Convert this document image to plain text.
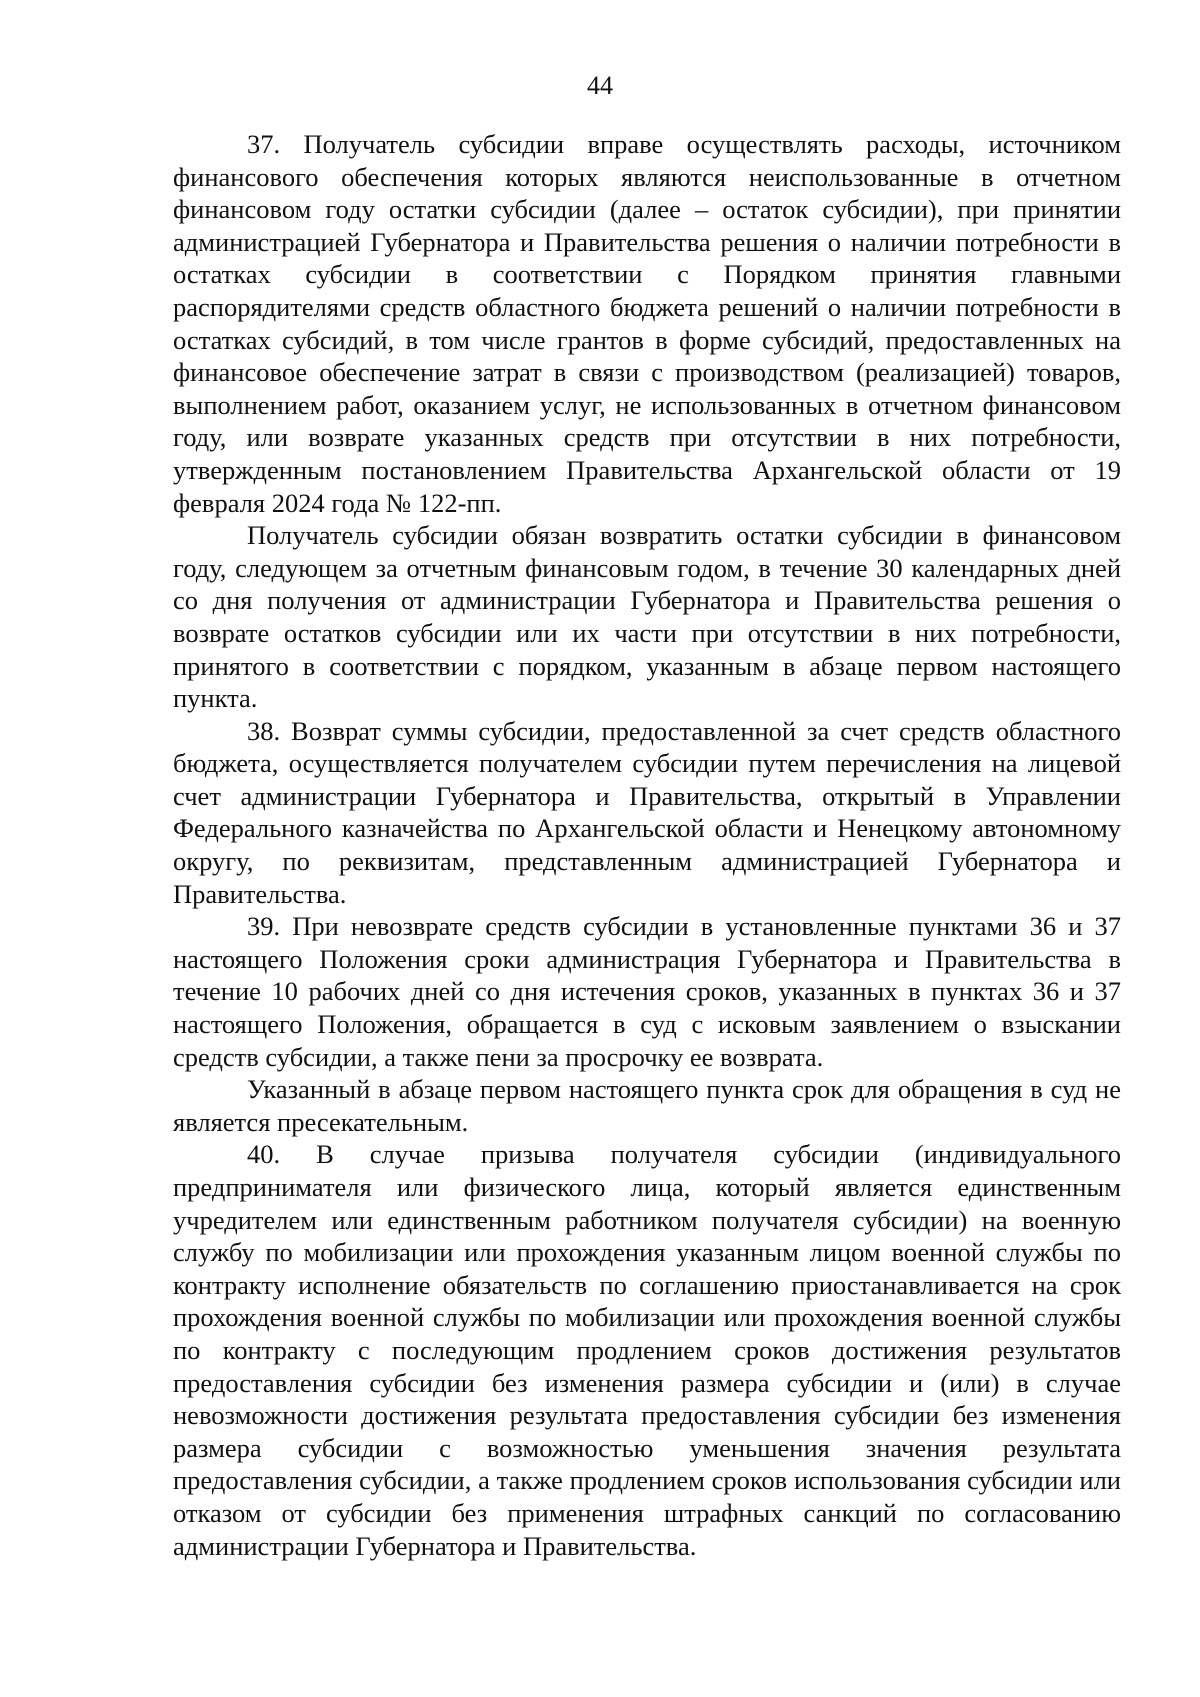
44

37. Получатель субсидии вправе осуществлять расходы, источником финансового обеспечения которых являются неиспользованные в отчетном финансовом году остатки субсидии (далее – остаток субсидии), при принятии администрацией Губернатора и Правительства решения о наличии потребности в остатках субсидии в соответствии с Порядком принятия главными распорядителями средств областного бюджета решений о наличии потребности в остатках субсидий, в том числе грантов в форме субсидий, предоставленных на финансовое обеспечение затрат в связи с производством (реализацией) товаров, выполнением работ, оказанием услуг, не использованных в отчетном финансовом году, или возврате указанных средств при отсутствии в них потребности, утвержденным постановлением Правительства Архангельской области от 19 февраля 2024 года № 122-пп.

Получатель субсидии обязан возвратить остатки субсидии в финансовом году, следующем за отчетным финансовым годом, в течение 30 календарных дней со дня получения от администрации Губернатора и Правительства решения о возврате остатков субсидии или их части при отсутствии в них потребности, принятого в соответствии с порядком, указанным в абзаце первом настоящего пункта.

38. Возврат суммы субсидии, предоставленной за счет средств областного бюджета, осуществляется получателем субсидии путем перечисления на лицевой счет администрации Губернатора и Правительства, открытый в Управлении Федерального казначейства по Архангельской области и Ненецкому автономному округу, по реквизитам, представленным администрацией Губернатора и Правительства.

39. При невозврате средств субсидии в установленные пунктами 36 и 37 настоящего Положения сроки администрация Губернатора и Правительства в течение 10 рабочих дней со дня истечения сроков, указанных в пунктах 36 и 37 настоящего Положения, обращается в суд с исковым заявлением о взыскании средств субсидии, а также пени за просрочку ее возврата.

Указанный в абзаце первом настоящего пункта срок для обращения в суд не является пресекательным.

40. В случае призыва получателя субсидии (индивидуального предпринимателя или физического лица, который является единственным учредителем или единственным работником получателя субсидии) на военную службу по мобилизации или прохождения указанным лицом военной службы по контракту исполнение обязательств по соглашению приостанавливается на срок прохождения военной службы по мобилизации или прохождения военной службы по контракту с последующим продлением сроков достижения результатов предоставления субсидии без изменения размера субсидии и (или) в случае невозможности достижения результата предоставления субсидии без изменения размера субсидии с возможностью уменьшения значения результата предоставления субсидии, а также продлением сроков использования субсидии или отказом от субсидии без применения штрафных санкций по согласованию администрации Губернатора и Правительства.
